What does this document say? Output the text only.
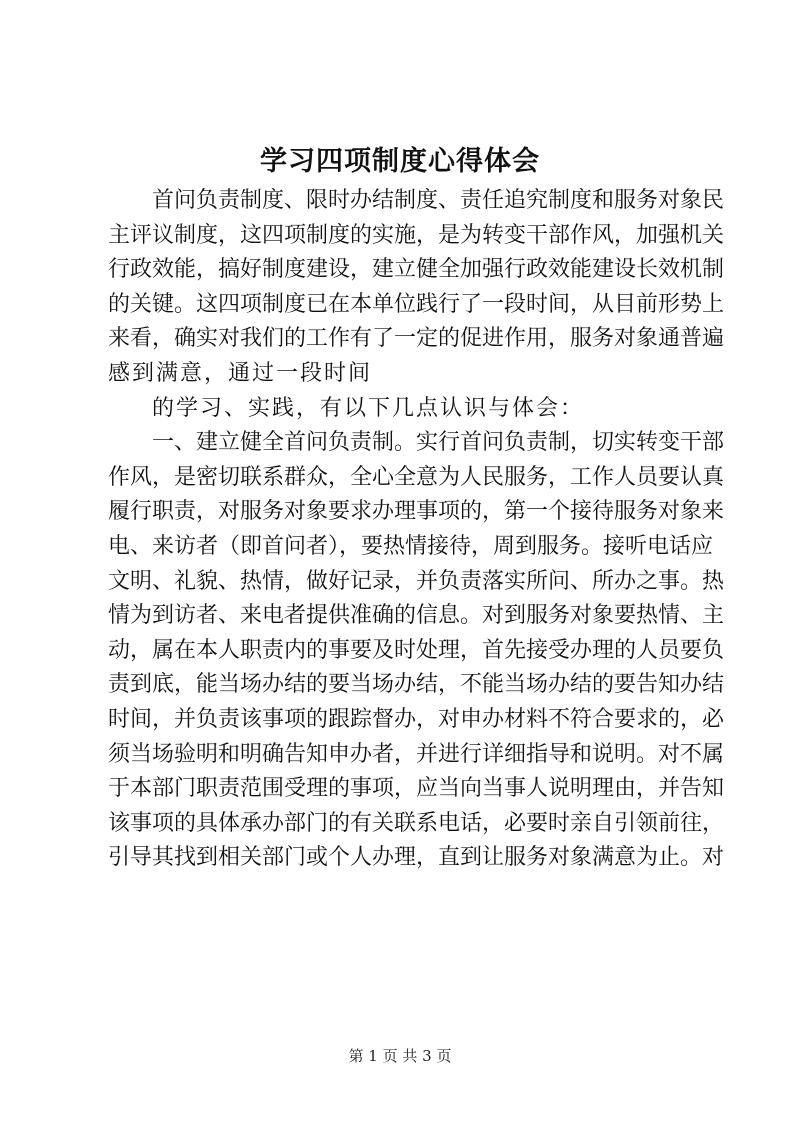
学习四项制度心得体会
首问负责制度、限时办结制度、责任追究制度和服务对象民
主评议制度，这四项制度的实施，是为转变干部作风，加强机关
行政效能，搞好制度建设，建立健全加强行政效能建设长效机制
的关键。这四项制度已在本单位践行了一段时间，从目前形势上
来看，确实对我们的工作有了一定的促进作用，服务对象通普遍
感到满意，通过一段时间
的学习、实践，有以下几点认识与体会：
一、建立健全首问负责制。实行首问负责制，切实转变干部
作风，是密切联系群众，全心全意为人民服务，工作人员要认真
履行职责，对服务对象要求办理事项的，第一个接待服务对象来
电、来访者（即首问者），要热情接待，周到服务。接听电话应
文明、礼貌、热情，做好记录，并负责落实所问、所办之事。热
情为到访者、来电者提供准确的信息。对到服务对象要热情、主
动，属在本人职责内的事要及时处理，首先接受办理的人员要负
责到底，能当场办结的要当场办结，不能当场办结的要告知办结
时间，并负责该事项的跟踪督办，对申办材料不符合要求的，必
须当场验明和明确告知申办者，并进行详细指导和说明。对不属
于本部门职责范围受理的事项，应当向当事人说明理由，并告知
该事项的具体承办部门的有关联系电话，必要时亲自引领前往，
引导其找到相关部门或个人办理，直到让服务对象满意为止。对
第 1 页 共 3 页
